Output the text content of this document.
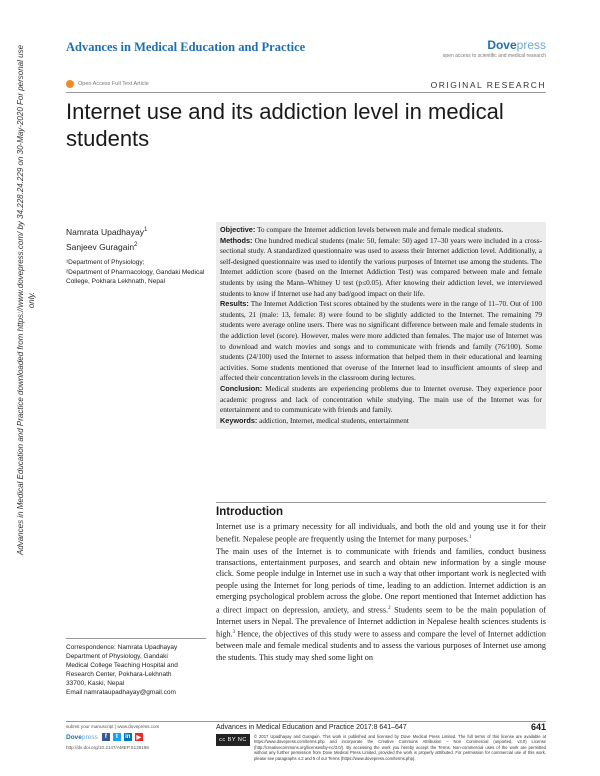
Advances in Medical Education and Practice downloaded from https://www.dovepress.com/ by 34.228.24.229 on 30-May-2020 For personal use only.
Advances in Medical Education and Practice	Dovepress
open access to scientific and medical research
Open Access Full Text Article	ORIGINAL RESEARCH
Internet use and its addiction level in medical students
Namrata Upadhayay$^1$
Sanjeev Guragain$^2$
¹Department of Physiology;
²Department of Pharmacology, Gandaki Medical College, Pokhara Lekhnath, Nepal
Correspondence: Namrata Upadhayay
Department of Physiology, Gandaki
Medical College Teaching Hospital and
Research Center, Pokhara-Lekhnath
33700, Kaski, Nepal
Email namrataupadhayay@gmail.com

Objective: To compare the Internet addiction levels between male and female medical students.

Methods: One hundred medical students (male: 50, female: 50) aged 17–30 years were included in a cross-sectional study. A standardized questionnaire was used to assess their Internet addiction level. Additionally, a self-designed questionnaire was used to identify the various purposes of Internet use among the students. The Internet addiction score (based on the Internet Addiction Test) was compared between male and female students by using the Mann–Whitney U test (p≤0.05). After knowing their addiction level, we interviewed students to know if Internet use had any bad/good impact on their life.

Results: The Internet Addiction Test scores obtained by the students were in the range of 11–70. Out of 100 students, 21 (male: 13, female: 8) were found to be slightly addicted to the Internet. The remaining 79 students were average online users. There was no significant difference between male and female students in the addiction level (score). However, males were more addicted than females. The major use of Internet was to download and watch movies and songs and to communicate with friends and family (76/100). Some students (24/100) used the Internet to assess information that helped them in their educational and learning activities. Some students mentioned that overuse of the Internet lead to insufficient amounts of sleep and affected their concentration levels in the classroom during lectures.

Conclusion: Medical students are experiencing problems due to Internet overuse. They experience poor academic progress and lack of concentration while studying. The main use of the Internet was for entertainment and to communicate with friends and family.

Keywords: addiction, Internet, medical students, entertainment

Introduction

Internet use is a primary necessity for all individuals, and both the old and young use it for their benefit. Nepalese people are frequently using the Internet for many purposes.$^1$

The main uses of the Internet is to communicate with friends and families, conduct business transactions, entertainment purposes, and search and obtain new information by a single mouse click. Some people indulge in Internet use in such a way that other important work is neglected with people using the Internet for long periods of time, leading to an addiction. Internet addiction is an emerging psychological problem across the globe. One report mentioned that Internet addiction has a direct impact on depression, anxiety, and stress.$^2$ Students seem to be the main population of Internet users in Nepal. The prevalence of Internet addiction in Nepalese health sciences students is high.$^3$ Hence, the objectives of this study were to assess and compare the level of Internet addiction between male and female medical students and to assess the various purposes of Internet use among the students. This study may shed some light on

submit your manuscript | www.dovepress.com
Dovepress	f	t	in ▶
http://dx.doi.org/10.2147/AMEP.S136195
Advances in Medical Education and Practice 2017:8 641–647	641
cc BY NC
© 2017 Upadhayay and Guragain. This work is published and licensed by Dove Medical Press Limited. The full terms of this license are available at https://www.dovepress.com/terms.php and incorporate the Creative Commons Attribution – Non Commercial (unported, v3.0) License (http://creativecommons.org/licenses/by-nc/3.0/). By accessing the work you hereby accept the Terms. Non-commercial uses of the work are permitted without any further permission from Dove Medical Press Limited, provided the work is properly attributed. For permission for commercial use of this work, please see paragraphs 4.2 and 5 of our Terms (https://www.dovepress.com/terms.php).
